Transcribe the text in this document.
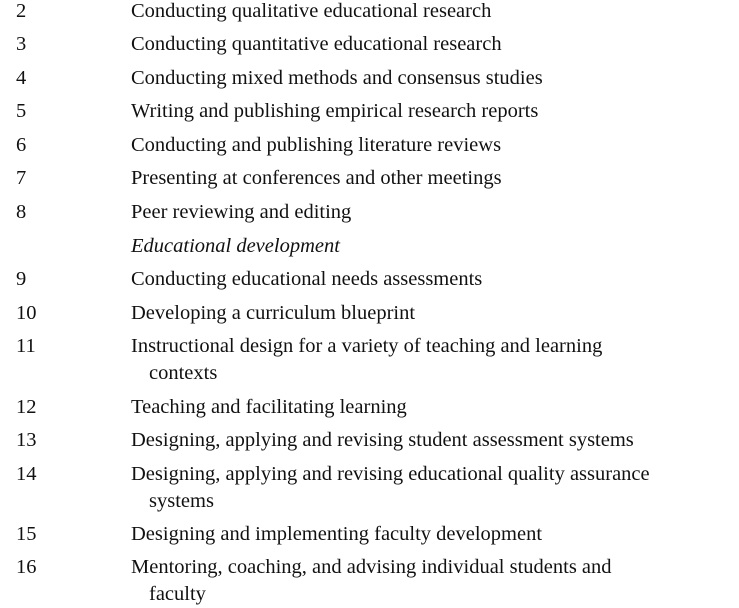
2	Conducting qualitative educational research
3	Conducting quantitative educational research
4	Conducting mixed methods and consensus studies
5	Writing and publishing empirical research reports
6	Conducting and publishing literature reviews
7	Presenting at conferences and other meetings
8	Peer reviewing and editing
Educational development
9	Conducting educational needs assessments
10	Developing a curriculum blueprint
11	Instructional design for a variety of teaching and learning
contexts
12	Teaching and facilitating learning
13	Designing, applying and revising student assessment systems
14	Designing, applying and revising educational quality assurance
systems
15	Designing and implementing faculty development
16	Mentoring, coaching, and advising individual students and
faculty
